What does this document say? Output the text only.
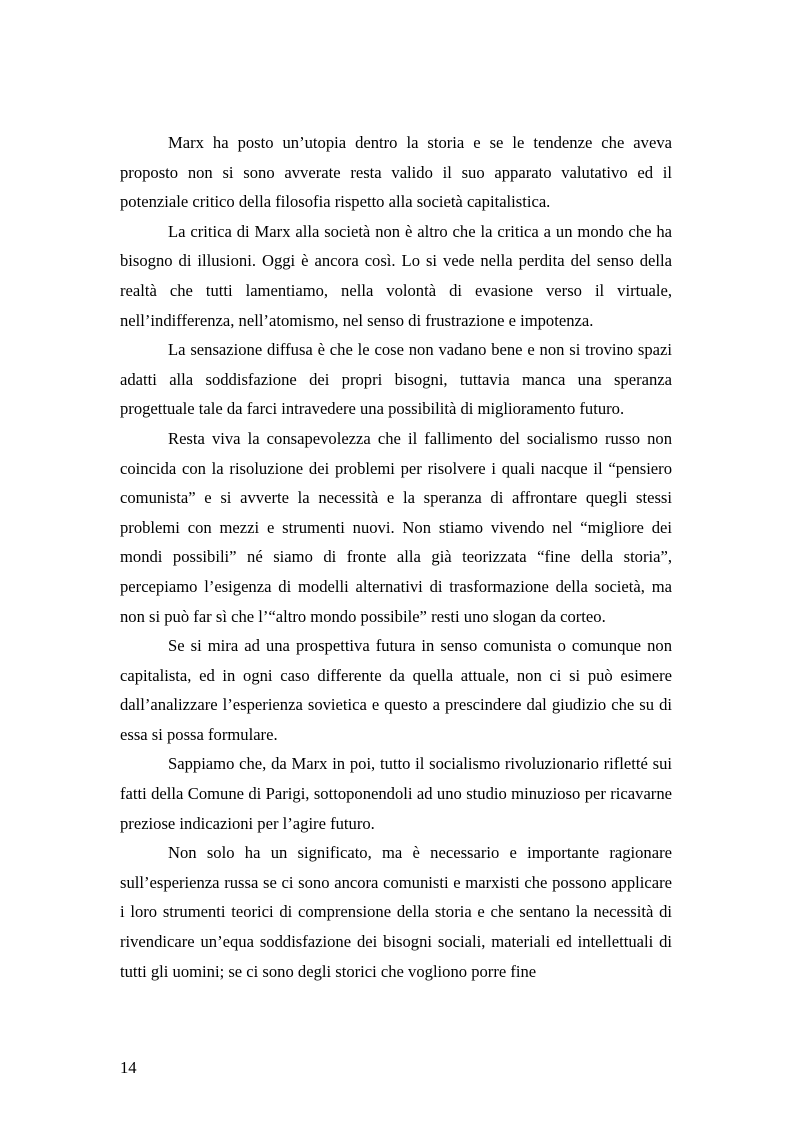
Marx ha posto un’utopia dentro la storia e se le tendenze che aveva proposto non si sono avverate resta valido il suo apparato valutativo ed il potenziale critico della filosofia rispetto alla società capitalistica.

La critica di Marx alla società non è altro che la critica a un mondo che ha bisogno di illusioni. Oggi è ancora così. Lo si vede nella perdita del senso della realtà che tutti lamentiamo, nella volontà di evasione verso il virtuale, nell’indifferenza, nell’atomismo, nel senso di frustrazione e impotenza.

La sensazione diffusa è che le cose non vadano bene e non si trovino spazi adatti alla soddisfazione dei propri bisogni, tuttavia manca una speranza progettuale tale da farci intravedere una possibilità di miglioramento futuro.

Resta viva la consapevolezza che il fallimento del socialismo russo non coincida con la risoluzione dei problemi per risolvere i quali nacque il “pensiero comunista” e si avverte la necessità e la speranza di affrontare quegli stessi problemi con mezzi e strumenti nuovi. Non stiamo vivendo nel “migliore dei mondi possibili” né siamo di fronte alla già teorizzata “fine della storia”, percepiamo l’esigenza di modelli alternativi di trasformazione della società, ma non si può far sì che l’“altro mondo possibile” resti uno slogan da corteo.

Se si mira ad una prospettiva futura in senso comunista o comunque non capitalista, ed in ogni caso differente da quella attuale, non ci si può esimere dall’analizzare l’esperienza sovietica e questo a prescindere dal giudizio che su di essa si possa formulare.

Sappiamo che, da Marx in poi, tutto il socialismo rivoluzionario rifletté sui fatti della Comune di Parigi, sottoponendoli ad uno studio minuzioso per ricavarne preziose indicazioni per l’agire futuro.

Non solo ha un significato, ma è necessario e importante ragionare sull’esperienza russa se ci sono ancora comunisti e marxisti che possono applicare i loro strumenti teorici di comprensione della storia e che sentano la necessità di rivendicare un’equa soddisfazione dei bisogni sociali, materiali ed intellettuali di tutti gli uomini; se ci sono degli storici che vogliono porre fine

14
